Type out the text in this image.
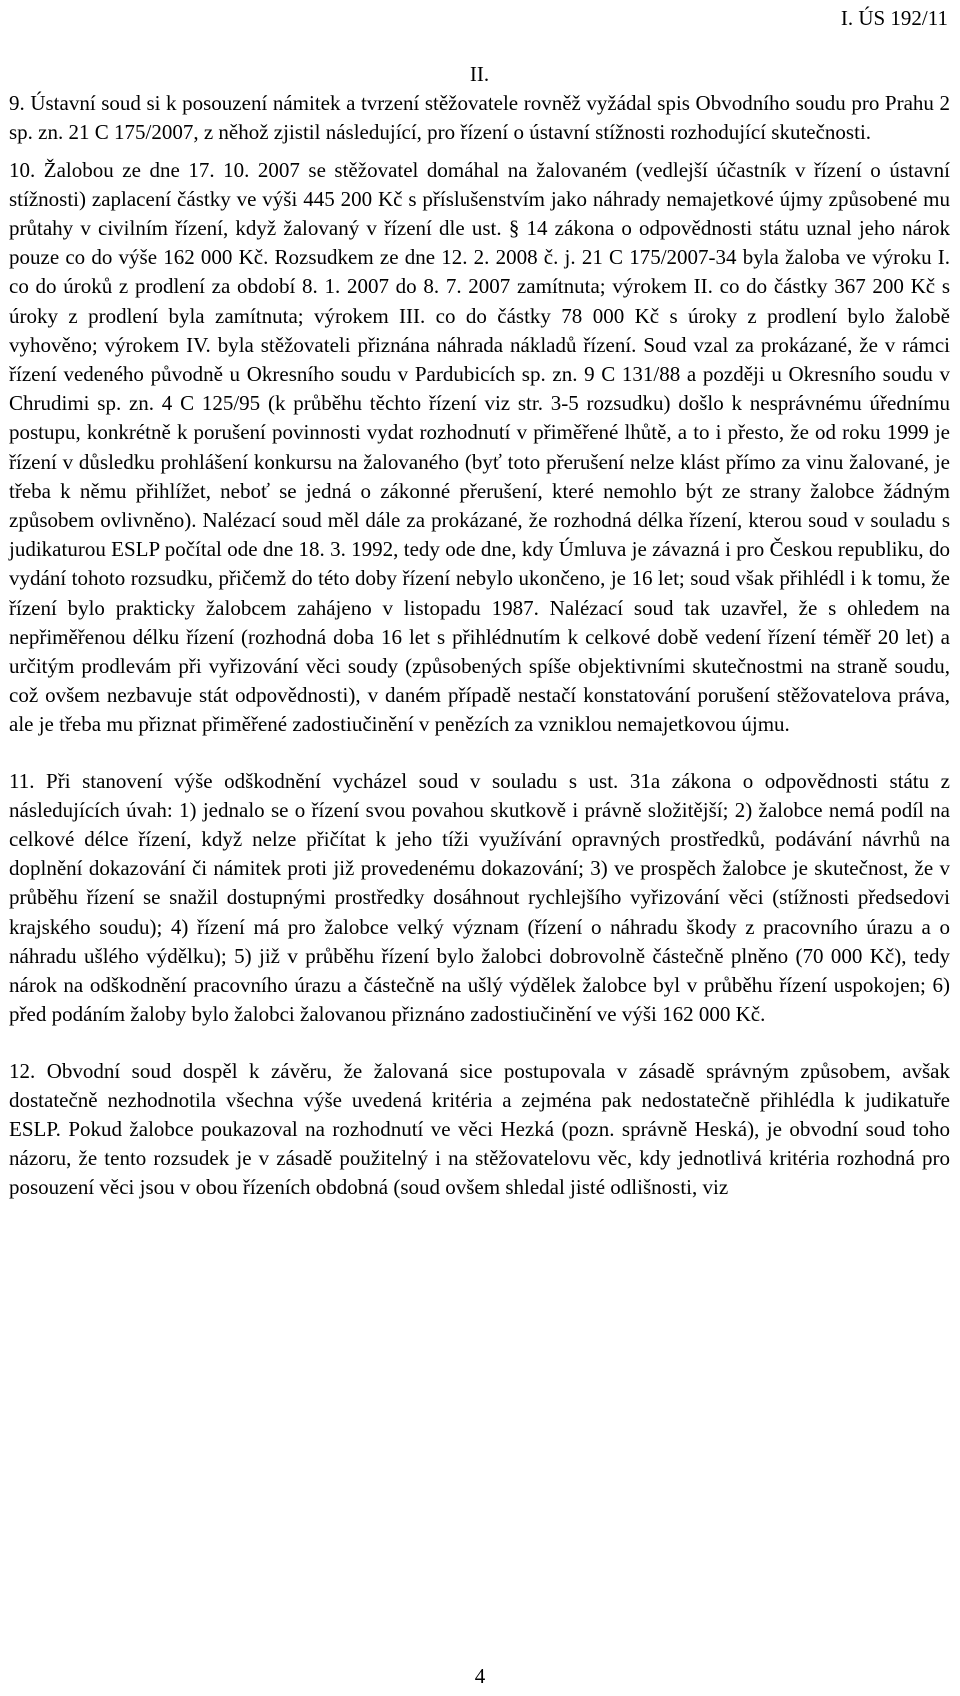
I. ÚS 192/11

II.

9. Ústavní soud si k posouzení námitek a tvrzení stěžovatele rovněž vyžádal spis Obvodního soudu pro Prahu 2 sp. zn. 21 C 175/2007, z něhož zjistil následující, pro řízení o ústavní stížnosti rozhodující skutečnosti.

10. Žalobou ze dne 17. 10. 2007 se stěžovatel domáhal na žalovaném (vedlejší účastník v řízení o ústavní stížnosti) zaplacení částky ve výši 445 200 Kč s příslušenstvím jako náhrady nemajetkové újmy způsobené mu průtahy v civilním řízení, když žalovaný v řízení dle ust. § 14 zákona o odpovědnosti státu uznal jeho nárok pouze co do výše 162 000 Kč. Rozsudkem ze dne 12. 2. 2008 č. j. 21 C 175/2007-34 byla žaloba ve výroku I. co do úroků z prodlení za období 8. 1. 2007 do 8. 7. 2007 zamítnuta; výrokem II. co do částky 367 200 Kč s úroky z prodlení byla zamítnuta; výrokem III. co do částky 78 000 Kč s úroky z prodlení bylo žalobě vyhověno; výrokem IV. byla stěžovateli přiznána náhrada nákladů řízení. Soud vzal za prokázané, že v rámci řízení vedeného původně u Okresního soudu v Pardubicích sp. zn. 9 C 131/88 a později u Okresního soudu v Chrudimi sp. zn. 4 C 125/95 (k průběhu těchto řízení viz str. 3-5 rozsudku) došlo k nesprávnému úřednímu postupu, konkrétně k porušení povinnosti vydat rozhodnutí v přiměřené lhůtě, a to i přesto, že od roku 1999 je řízení v důsledku prohlášení konkursu na žalovaného (byť toto přerušení nelze klást přímo za vinu žalované, je třeba k němu přihlížet, neboť se jedná o zákonné přerušení, které nemohlo být ze strany žalobce žádným způsobem ovlivněno). Nalézací soud měl dále za prokázané, že rozhodná délka řízení, kterou soud v souladu s judikaturou ESLP počítal ode dne 18. 3. 1992, tedy ode dne, kdy Úmluva je závazná i pro Českou republiku, do vydání tohoto rozsudku, přičemž do této doby řízení nebylo ukončeno, je 16 let; soud však přihlédl i k tomu, že řízení bylo prakticky žalobcem zahájeno v listopadu 1987. Nalézací soud tak uzavřel, že s ohledem na nepřiměřenou délku řízení (rozhodná doba 16 let s přihlédnutím k celkové době vedení řízení téměř 20 let) a určitým prodlevám při vyřizování věci soudy (způsobených spíše objektivními skutečnostmi na straně soudu, což ovšem nezbavuje stát odpovědnosti), v daném případě nestačí konstatování porušení stěžovatelova práva, ale je třeba mu přiznat přiměřené zadostiučinění v penězích za vzniklou nemajetkovou újmu.

11. Při stanovení výše odškodnění vycházel soud v souladu s ust. 31a zákona o odpovědnosti státu z následujících úvah: 1) jednalo se o řízení svou povahou skutkově i právně složitější; 2) žalobce nemá podíl na celkové délce řízení, když nelze přičítat k jeho tíži využívání opravných prostředků, podávání návrhů na doplnění dokazování či námitek proti již provedenému dokazování; 3) ve prospěch žalobce je skutečnost, že v průběhu řízení se snažil dostupnými prostředky dosáhnout rychlejšího vyřizování věci (stížnosti předsedovi krajského soudu); 4) řízení má pro žalobce velký význam (řízení o náhradu škody z pracovního úrazu a o náhradu ušlého výdělku); 5) již v průběhu řízení bylo žalobci dobrovolně částečně plněno (70 000 Kč), tedy nárok na odškodnění pracovního úrazu a částečně na ušlý výdělek žalobce byl v průběhu řízení uspokojen; 6) před podáním žaloby bylo žalobci žalovanou přiznáno zadostiučinění ve výši 162 000 Kč.

12. Obvodní soud dospěl k závěru, že žalovaná sice postupovala v zásadě správným způsobem, avšak dostatečně nezhodnotila všechna výše uvedená kritéria a zejména pak nedostatečně přihlédla k judikatuře ESLP. Pokud žalobce poukazoval na rozhodnutí ve věci Hezká (pozn. správně Heská), je obvodní soud toho názoru, že tento rozsudek je v zásadě použitelný i na stěžovatelovu věc, kdy jednotlivá kritéria rozhodná pro posouzení věci jsou v obou řízeních obdobná (soud ovšem shledal jisté odlišnosti, viz

4
